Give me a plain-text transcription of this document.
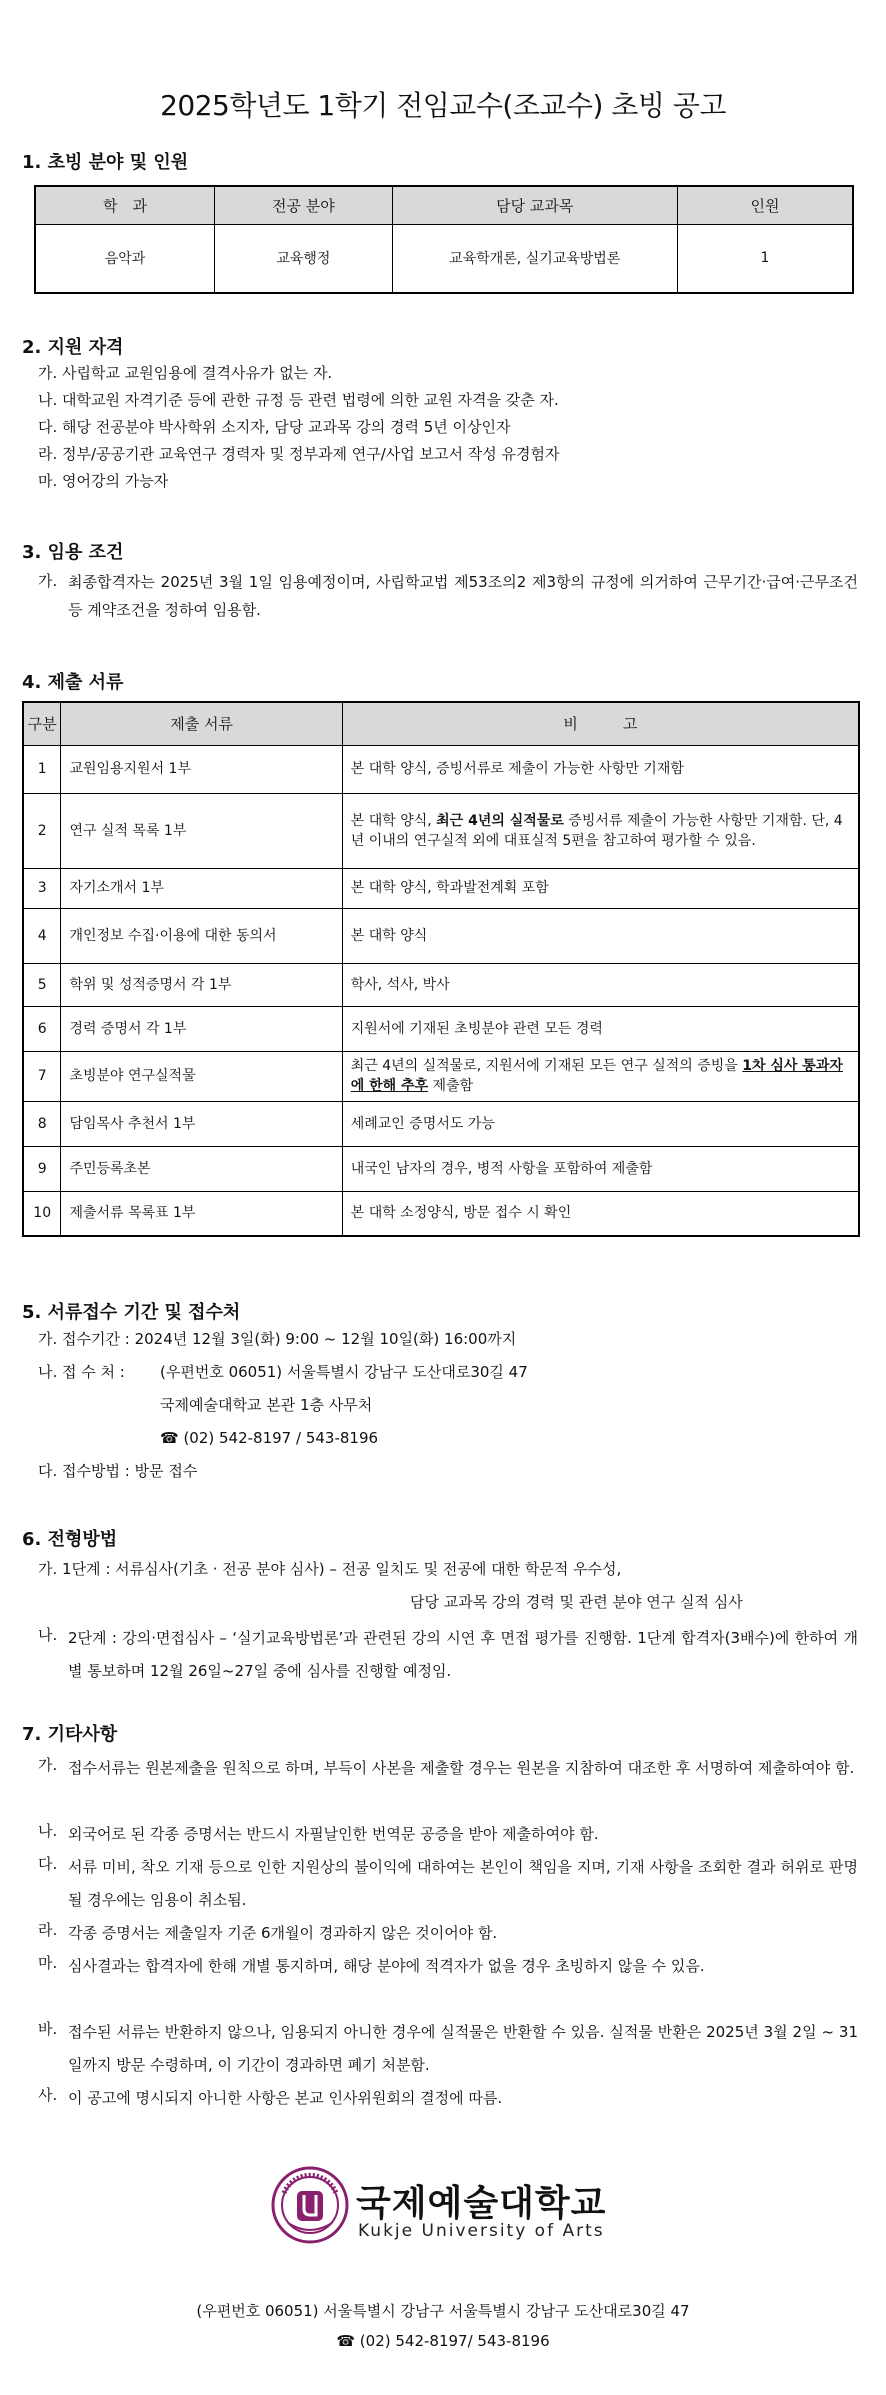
2025학년도 1학기 전임교수(조교수) 초빙 공고
1. 초빙 분야 및 인원
학　과	전공 분야	담당 교과목	인원
음악과	교육행정	교육학개론, 실기교육방법론	1
2. 지원 자격
가. 사립학교 교원임용에 결격사유가 없는 자.
나. 대학교원 자격기준 등에 관한 규정 등 관련 법령에 의한 교원 자격을 갖춘 자.
다. 해당 전공분야 박사학위 소지자, 담당 교과목 강의 경력 5년 이상인자
라. 정부/공공기관 교육연구 경력자 및 정부과제 연구/사업 보고서 작성 유경험자
마. 영어강의 가능자
3. 임용 조건
가. 최종합격자는 2025년 3월 1일 임용예정이며, 사립학교법 제53조의2 제3항의 규정에 의거하여 근무기간·급여·근무조건 등 계약조건을 정하여 임용함.
4. 제출 서류
구분	제출 서류	비　　　고
1	교원임용지원서 1부	본 대학 양식, 증빙서류로 제출이 가능한 사항만 기재함
2	연구 실적 목록 1부	본 대학 양식, 최근 4년의 실적물로 증빙서류 제출이 가능한 사항만 기재함. 단, 4년 이내의 연구실적 외에 대표실적 5편을 참고하여 평가할 수 있음.
3	자기소개서 1부	본 대학 양식, 학과발전계획 포함
4	개인정보 수집·이용에 대한 동의서	본 대학 양식
5	학위 및 성적증명서 각 1부	학사, 석사, 박사
6	경력 증명서 각 1부	지원서에 기재된 초빙분야 관련 모든 경력
7	초빙분야 연구실적물	최근 4년의 실적물로, 지원서에 기재된 모든 연구 실적의 증빙을 1차 심사 통과자에 한해 추후 제출함
8	담임목사 추천서 1부	세례교인 증명서도 가능
9	주민등록초본	내국인 남자의 경우, 병적 사항을 포함하여 제출함
10	제출서류 목록표 1부	본 대학 소정양식, 방문 접수 시 확인
5. 서류접수 기간 및 접수처
가. 접수기간 : 2024년 12월 3일(화) 9:00 ~ 12월 10일(화) 16:00까지
나. 접 수 처 : (우편번호 06051) 서울특별시 강남구 도산대로30길 47
국제예술대학교 본관 1층 사무처
☎ (02) 542-8197 / 543-8196
다. 접수방법 : 방문 접수
6. 전형방법
가. 1단계 : 서류심사(기초 · 전공 분야 심사) – 전공 일치도 및 전공에 대한 학문적 우수성,
담당 교과목 강의 경력 및 관련 분야 연구 실적 심사
나. 2단계 : 강의·면접심사 – ‘실기교육방법론’과 관련된 강의 시연 후 면접 평가를 진행함. 1단계 합격자(3배수)에 한하여 개별 통보하며 12월 26일~27일 중에 심사를 진행할 예정임.
7. 기타사항
가. 접수서류는 원본제출을 원칙으로 하며, 부득이 사본을 제출할 경우는 원본을 지참하여 대조한 후 서명하여 제출하여야 함.
나. 외국어로 된 각종 증명서는 반드시 자필날인한 번역문 공증을 받아 제출하여야 함.
다. 서류 미비, 착오 기재 등으로 인한 지원상의 불이익에 대하여는 본인이 책임을 지며, 기재 사항을 조회한 결과 허위로 판명될 경우에는 임용이 취소됨.
라. 각종 증명서는 제출일자 기준 6개월이 경과하지 않은 것이어야 함.
마. 심사결과는 합격자에 한해 개별 통지하며, 해당 분야에 적격자가 없을 경우 초빙하지 않을 수 있음.
바. 접수된 서류는 반환하지 않으나, 임용되지 아니한 경우에 실적물은 반환할 수 있음. 실적물 반환은 2025년 3월 2일 ~ 31일까지 방문 수령하며, 이 기간이 경과하면 폐기 처분함.
사. 이 공고에 명시되지 아니한 사항은 본교 인사위원회의 결정에 따름.
국제예술대학교
Kukje University of Arts
(우편번호 06051) 서울특별시 강남구 서울특별시 강남구 도산대로30길 47
☎ (02) 542-8197/ 543-8196
